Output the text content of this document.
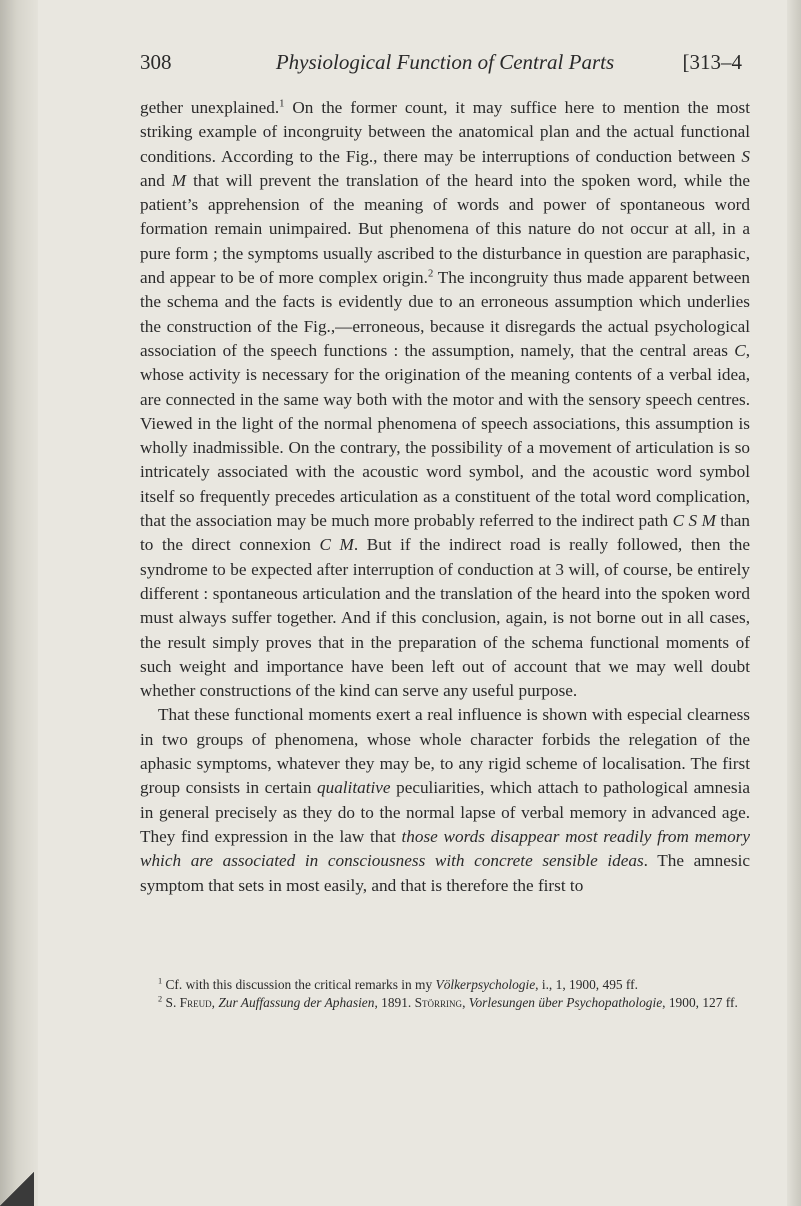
308	Physiological Function of Central Parts	[313–4

gether unexplained.$^1$ On the former count, it may suffice here to mention the most striking example of incongruity between the anatomical plan and the actual functional conditions. According to the Fig., there may be interruptions of conduction between S and M that will prevent the translation of the heard into the spoken word, while the patient’s apprehension of the meaning of words and power of spontaneous word formation remain unimpaired. But phenomena of this nature do not occur at all, in a pure form ; the symptoms usually ascribed to the disturbance in question are paraphasic, and appear to be of more complex origin.$^2$ The incongruity thus made apparent between the schema and the facts is evidently due to an erroneous assumption which underlies the construction of the Fig.,—erroneous, because it disregards the actual psychological association of the speech functions : the assumption, namely, that the central areas C, whose activity is necessary for the origination of the meaning contents of a verbal idea, are connected in the same way both with the motor and with the sensory speech centres. Viewed in the light of the normal phenomena of speech associations, this assumption is wholly inadmissible. On the contrary, the possibility of a movement of articulation is so intricately associated with the acoustic word symbol, and the acoustic word symbol itself so frequently precedes articulation as a constituent of the total word complication, that the association may be much more probably referred to the indirect path C S M than to the direct connexion C M. But if the indirect road is really followed, then the syndrome to be expected after interruption of conduction at 3 will, of course, be entirely different : spontaneous articulation and the translation of the heard into the spoken word must always suffer together. And if this conclusion, again, is not borne out in all cases, the result simply proves that in the preparation of the schema functional moments of such weight and importance have been left out of account that we may well doubt whether constructions of the kind can serve any useful purpose.

That these functional moments exert a real influence is shown with especial clearness in two groups of phenomena, whose whole character forbids the relegation of the aphasic symptoms, whatever they may be, to any rigid scheme of localisation. The first group consists in certain qualitative peculiarities, which attach to pathological amnesia in general precisely as they do to the normal lapse of verbal memory in advanced age. They find expression in the law that those words disappear most readily from memory which are associated in consciousness with concrete sensible ideas. The amnesic symptom that sets in most easily, and that is therefore the first to

$^1$ Cf. with this discussion the critical remarks in my Völkerpsychologie, i., 1, 1900, 495 ff.

$^2$ S. Freud, Zur Auffassung der Aphasien, 1891. Störring, Vorlesungen über Psychopathologie, 1900, 127 ff.
